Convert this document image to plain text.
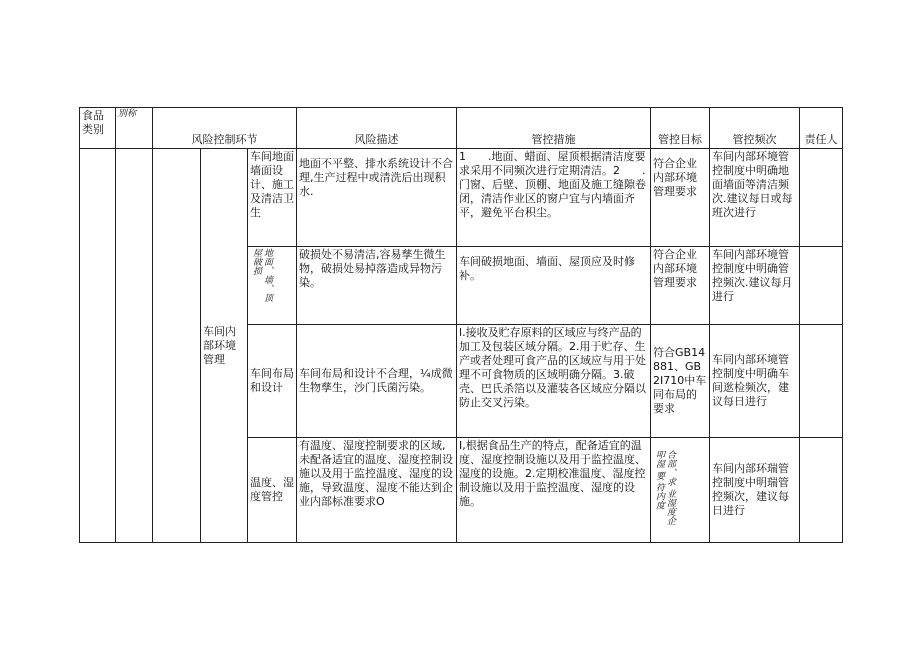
食品类别	别称	风险控制环节			风险描述	管控措施	管控目标	管控频次	责任人
			车间内部环境管理	车间地面墙面设计、施工及清洁卫生	地面不平整、排水系统设计不合理,生产过程中或清洗后出现积水.	1　　.地面、蜡面、屋顶根据清洁度要求采用不同频次进行定期清洁。2　　.门窗、后壁、顶棚、地面及施工缝隙卷闭，清洁作业区的窗户宜与内墙面齐平，避免平台积尘。	符合企业内部环境管理要求	车间内部环境管控制度中明确地面墙面等清洁频次.建议每日或每班次进行	

				地面、墙、顶屋破损	破损处不易清洁,容易孳生微生物，破损处易掉落造成异物污染。	车间破损地面、墙面、屋顶应及时修补。	符合企业内部环境管理要求	车间内部环境管控制度中明确管控频次.建议每月进行	
				车间布局和设计	车间布局和设计不合理，¼成微生物孳生，沙门氏菌污染。	l.接收及贮存原料的区域应与终产品的加工及包装区域分隔。2.用于贮存、生产或者处理可食产品的区域应与用于处理不可食物质的区域明确分隔。3.破壳、巴氏杀箔以及灌装各区域应分隔以防止交叉污染。	符合GB14881、GB2I710中车同布局的要求	车同内部环境管控制度中明确车间逖检频次，建议每日进行	
				温度、湿度管控	有温度、湿度控制要求的区域,未配备适宜的温度、湿度控制设施以及用于监控温度、湿度的设施，导致温度、湿度不能达到企业内部标准要求O	I,根据食品生产的特点，配备适宜的温度、湿度控制设施以及用于监控温度、湿度的设施。2.定期校准温度、湿度控制设施以及用于监控温度、湿度的设施。	合部、求 业湿度企叩湿 要 符内度	车间内部环瑞管控制度中明瑞管控频次，建议每日进行	
